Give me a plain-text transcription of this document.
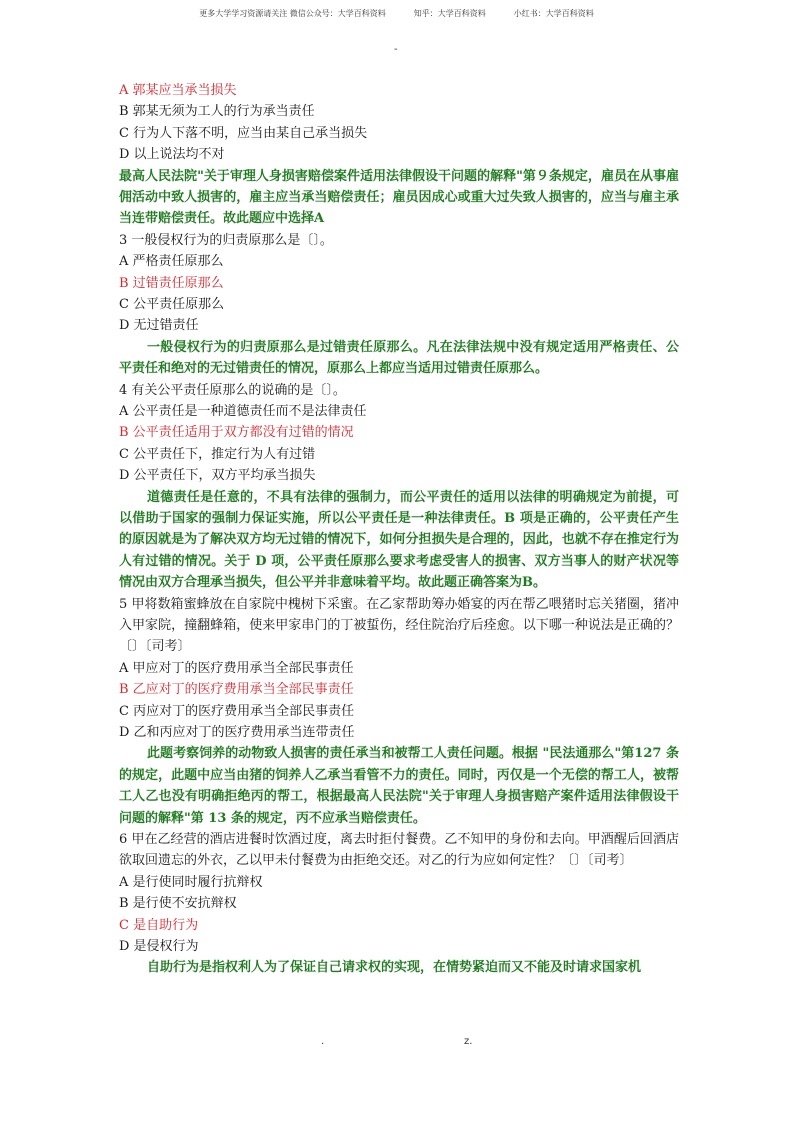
更多大学学习资源请关注 微信公众号：大学百科资料	知乎：大学百科资料	小红书：大学百科资料
-
A 郭某应当承当损失
B 郭某无须为工人的行为承当责任
C 行为人下落不明，应当由某自己承当损失
D 以上说法均不对

最高人民法院"关于审理人身损害赔偿案件适用法律假设干问题的解释"第９条规定，雇员在从事雇佣活动中致人损害的，雇主应当承当赔偿责任；雇员因成心或重大过失致人损害的，应当与雇主承当连带赔偿责任。故此题应中选择A

3 一般侵权行为的归责原那么是〔〕。
A 严格责任原那么
B 过错责任原那么
C 公平责任原那么
D 无过错责任

一般侵权行为的归责原那么是过错责任原那么。凡在法律法规中没有规定适用严格责任、公平责任和绝对的无过错责任的情况，原那么上都应当适用过错责任原那么。

4 有关公平责任原那么的说确的是〔〕。
A 公平责任是一种道德责任而不是法律责任
B 公平责任适用于双方都没有过错的情况
C 公平责任下，推定行为人有过错
D 公平责任下，双方平均承当损失

道德责任是任意的，不具有法律的强制力，而公平责任的适用以法律的明确规定为前提，可以借助于国家的强制力保证实施，所以公平责任是一种法律责任。B 项是正确的，公平责任产生的原因就是为了解决双方均无过错的情况下，如何分担损失是合理的，因此，也就不存在推定行为人有过错的情况。关于 D 项，公平责任原那么要求考虑受害人的损害、双方当事人的财产状况等情况由双方合理承当损失，但公平并非意味着平均。故此题正确答案为B。

5 甲将数箱蜜蜂放在自家院中槐树下采蜜。在乙家帮助筹办婚宴的丙在帮乙喂猪时忘关猪圈，猪冲入甲家院，撞翻蜂箱，使来甲家串门的丁被蜇伤，经住院治疗后痊愈。以下哪一种说法是正确的？〔〕〔司考〕

A 甲应对丁的医疗费用承当全部民事责任
B 乙应对丁的医疗费用承当全部民事责任
C 丙应对丁的医疗费用承当全部民事责任
D 乙和丙应对丁的医疗费用承当连带责任

此题考察饲养的动物致人损害的责任承当和被帮工人责任问题。根据 "民法通那么"第127 条的规定，此题中应当由猪的饲养人乙承当看管不力的责任。同时，丙仅是一个无偿的帮工人，被帮工人乙也没有明确拒绝丙的帮工，根据最高人民法院"关于审理人身损害赔产案件适用法律假设干问题的解释"第 13 条的规定，丙不应承当赔偿责任。

6 甲在乙经营的酒店进餐时饮酒过度，离去时拒付餐费。乙不知甲的身份和去向。甲酒醒后回酒店欲取回遗忘的外衣，乙以甲未付餐费为由拒绝交还。对乙的行为应如何定性？〔〕〔司考〕

A 是行使同时履行抗辩权
B 是行使不安抗辩权
C 是自助行为
D 是侵权行为

自助行为是指权利人为了保证自己请求权的实现，在情势紧迫而又不能及时请求国家机

.	z.
